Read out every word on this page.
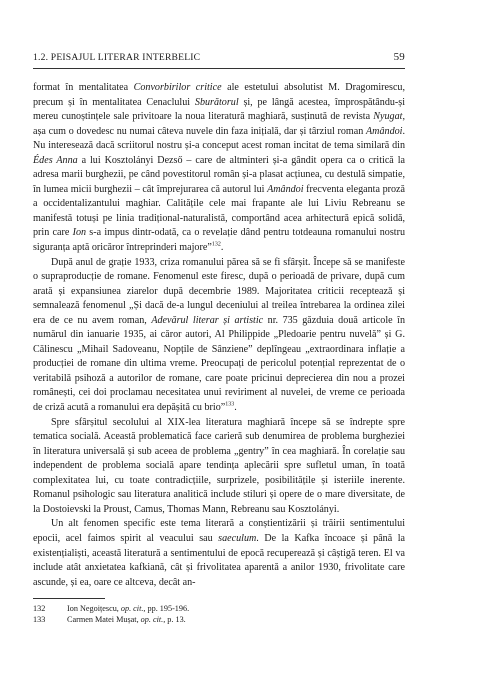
1.2. PEISAJUL LITERAR INTERBELIC	59

format în mentalitatea Convorbirilor critice ale estetului absolutist M. Dragomirescu, precum și în mentalitatea Cenaclului Sburătorul și, pe lângă acestea, împrospătându-și mereu cunoștințele sale privitoare la noua literatură maghiară, susținută de revista Nyugat, așa cum o dovedesc nu numai câteva nuvele din faza inițială, dar și târziul roman Amândoi. Nu interesează dacă scriitorul nostru și-a conceput acest roman incitat de tema similară din Édes Anna a lui Kosztolányi Dezső – care de altminteri și-a gândit opera ca o critică la adresa marii burghezii, pe când povestitorul român și-a plasat acțiunea, cu destulă simpatie, în lumea micii burghezii – cât împrejurarea că autorul lui Amândoi frecventa eleganta proză a occidentalizantului maghiar. Calitățile cele mai frapante ale lui Liviu Rebreanu se manifestă totuși pe linia tradițional-naturalistă, comportând acea arhitectură epică solidă, prin care Ion s-a impus dintr-odată, ca o revelație dând pentru totdeauna romanului nostru siguranța aptă oricăror întreprinderi majore”$^{132}$.

După anul de grație 1933, criza romanului părea să se fi sfârșit. Începe să se manifeste o supraproducție de romane. Fenomenul este firesc, după o perioadă de privare, după cum arată și expansiunea ziarelor după decembrie 1989. Majoritatea criticii recepteazǎ și semnalează fenomenul „Și dacă de-a lungul deceniului al treilea întrebarea la ordinea zilei era de ce nu avem roman, Adevărul literar și artistic nr. 735 găzduia două articole în numărul din ianuarie 1935, ai căror autori, Al Philippide „Pledoarie pentru nuvelă” și G. Călinescu „Mihail Sadoveanu, Nopțile de Sânziene” deplîngeau „extraordinara inflație a producției de romane din ultima vreme. Preocupați de pericolul potențial reprezentat de o veritabilă psihoză a autorilor de romane, care poate pricinui deprecierea din nou a prozei românești, cei doi proclamau necesitatea unui reviriment al nuvelei, de vreme ce perioada de criză acută a romanului era depășită cu brio”$^{133}$.

Spre sfârșitul secolului al XIX-lea literatura maghiară începe să se îndrepte spre tematica socială. Această problematică face carieră sub denumirea de problema burgheziei în literatura universală și sub aceea de problema „gentry” în cea maghiară. În corelație sau independent de problema socială apare tendința aplecării spre sufletul uman, în toată complexitatea lui, cu toate contradicțiile, surprizele, posibilitățile și isteriile inerente. Romanul psihologic sau literatura analitică include stiluri și opere de o mare diversitate, de la Dostoievski la Proust, Camus, Thomas Mann, Rebreanu sau Kosztolányi.

Un alt fenomen specific este tema literară a conștientizării și trăirii sentimentului epocii, acel faimos spirit al veacului sau saeculum. De la Kafka încoace și până la existențialiști, această literatură a sentimentului de epocă recuperează și câștigă teren. El va include atât anxietatea kafkiană, cât și frivolitatea aparentă a anilor 1930, frivolitate care ascunde, și ea, oare ce altceva, decât an-

132	Ion Negoițescu, op. cit., pp. 195-196.
133	Carmen Matei Mușat, op. cit., p. 13.
